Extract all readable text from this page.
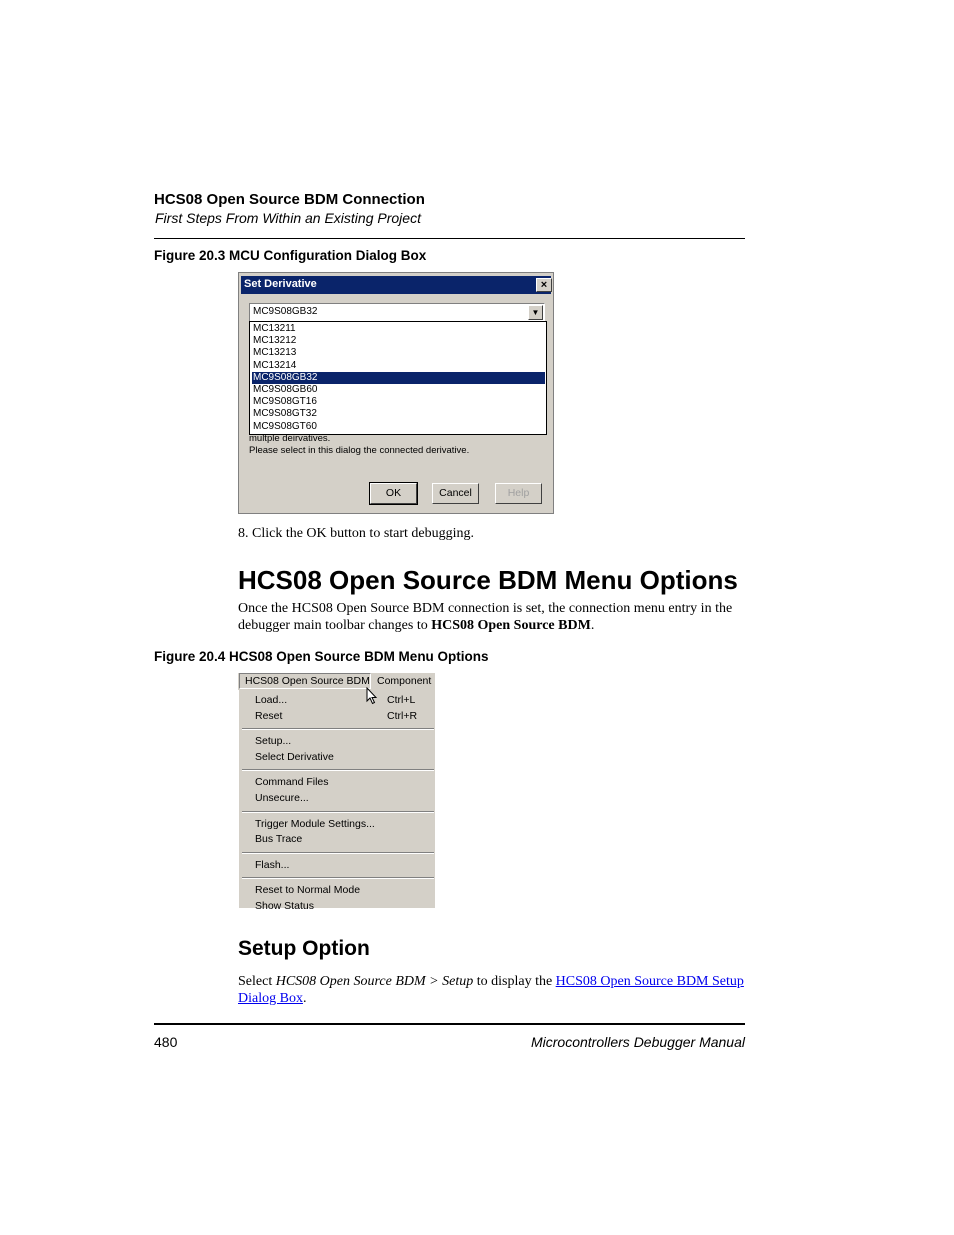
HCS08 Open Source BDM Connection
First Steps From Within an Existing Project
Figure 20.3 MCU Configuration Dialog Box
Set Derivative	×
MC9S08GB32	▼
MC13211
MC13212
MC13213
MC13214
MC9S08GB32
MC9S08GB60
MC9S08GT16
MC9S08GT32
MC9S08GT60
multple deirvatives.
Please select in this dialog the connected derivative.
OK	Cancel	Help
8. Click the OK button to start debugging.
HCS08 Open Source BDM Menu Options
Once the HCS08 Open Source BDM connection is set, the connection menu entry in the debugger main toolbar changes to HCS08 Open Source BDM.
Figure 20.4 HCS08 Open Source BDM Menu Options
HCS08 Open Source BDM Component
Load...	Ctrl+L
Reset	Ctrl+R
Setup...
Select Derivative
Command Files
Unsecure...
Trigger Module Settings...
Bus Trace
Flash...
Reset to Normal Mode
Show Status
Setup Option
Select HCS08 Open Source BDM > Setup to display the HCS08 Open Source BDM Setup Dialog Box.
480	Microcontrollers Debugger Manual
